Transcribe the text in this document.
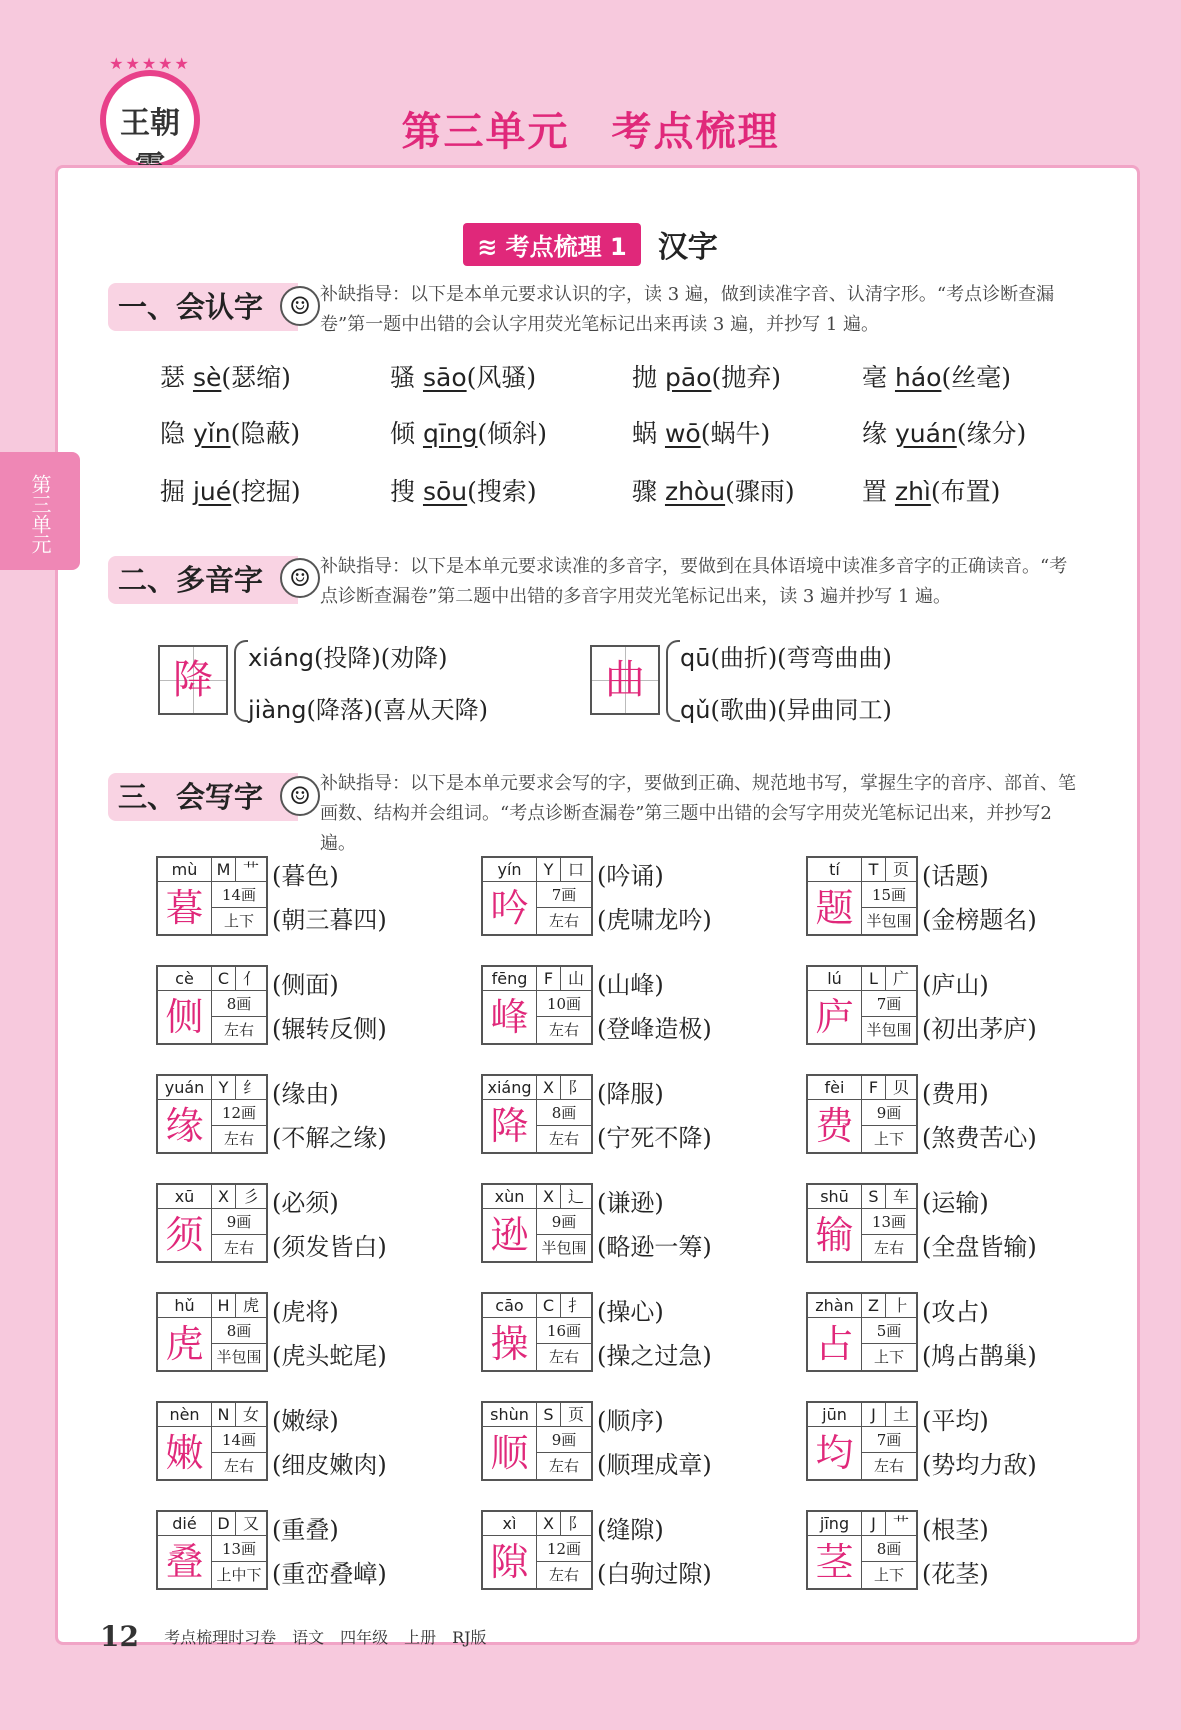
★★★★★
王朝	第三单元　考点梳理
第三单元
≋ 考点梳理 1 汉字
一、会认字	☺ 补缺指导：以下是本单元要求认识的字，读 3 遍，做到读准字音、认清字形。“考点诊断查漏卷”第一题中出错的会认字用荧光笔标记出来再读 3 遍，并抄写 1 遍。
瑟 sè(瑟缩)	骚 sāo(风骚)	抛 pāo(抛弃)	毫 háo(丝毫)
隐 yǐn(隐蔽)	倾 qīng(倾斜)	蜗 wō(蜗牛)	缘 yuán(缘分)
掘 jué(挖掘)	搜 sōu(搜索)	骤 zhòu(骤雨)	置 zhì(布置)
二、多音字	☺ 补缺指导：以下是本单元要求读准的多音字，要做到在具体语境中读准多音字的正确读音。“考点诊断查漏卷”第二题中出错的多音字用荧光笔标记出来，读 3 遍并抄写 1 遍。
降	xiáng(投降)(劝降)
jiàng(降落)(喜从天降)
曲	qū(曲折)(弯弯曲曲)
qǔ(歌曲)(异曲同工)
三、会写字	☺ 补缺指导：以下是本单元要求会写的字，要做到正确、规范地书写，掌握生字的音序、部首、笔画数、结构并会组词。“考点诊断查漏卷”第三题中出错的会写字用荧光笔标记出来，并抄写2遍。
mù	M 艹
暮	14画
上下
(暮色)
(朝三暮四)
yín	Y 口
吟	7画
左右
(吟诵)
(虎啸龙吟)
tí	T 页
题	15画
半包围
(话题)
(金榜题名)
cè	C 亻
侧	8画
左右
(侧面)
(辗转反侧)
fēng	F 山
峰	10画
左右
(山峰)
(登峰造极)
lú	L 广
庐	7画
半包围
(庐山)
(初出茅庐)
yuán Y 纟
缘	12画
左右
(缘由)
(不解之缘)
xiáng X 阝
降	8画
左右
(降服)
(宁死不降)
fèi	F 贝
费	9画
上下
(费用)
(煞费苦心)
xū	X 彡
须	9画
左右
(必须)
(须发皆白)
xùn	X 辶
逊	9画
半包围
(谦逊)
(略逊一筹)
shū	S 车
输	13画
左右
(运输)
(全盘皆输)
hǔ	H 虎
虎	8画
半包围
(虎将)
(虎头蛇尾)
cāo	C 扌
操	16画
左右
(操心)
(操之过急)
zhàn Z ⺊
占	5画
上下
(攻占)
(鸠占鹊巢)
nèn	N 女
嫩	14画
左右
(嫩绿)
(细皮嫩肉)
shùn S 页
顺	9画
左右
(顺序)
(顺理成章)
jūn	J	土
均	7画
左右
(平均)
(势均力敌)
dié	D 又
叠	13画
上中下
(重叠)
(重峦叠嶂)
xì	X 阝
隙	12画
左右
(缝隙)
(白驹过隙)
jīng	J	艹
茎	8画
上下
(根茎)
(花茎)
12 考点梳理时习卷　语文　四年级　上册　RJ版
